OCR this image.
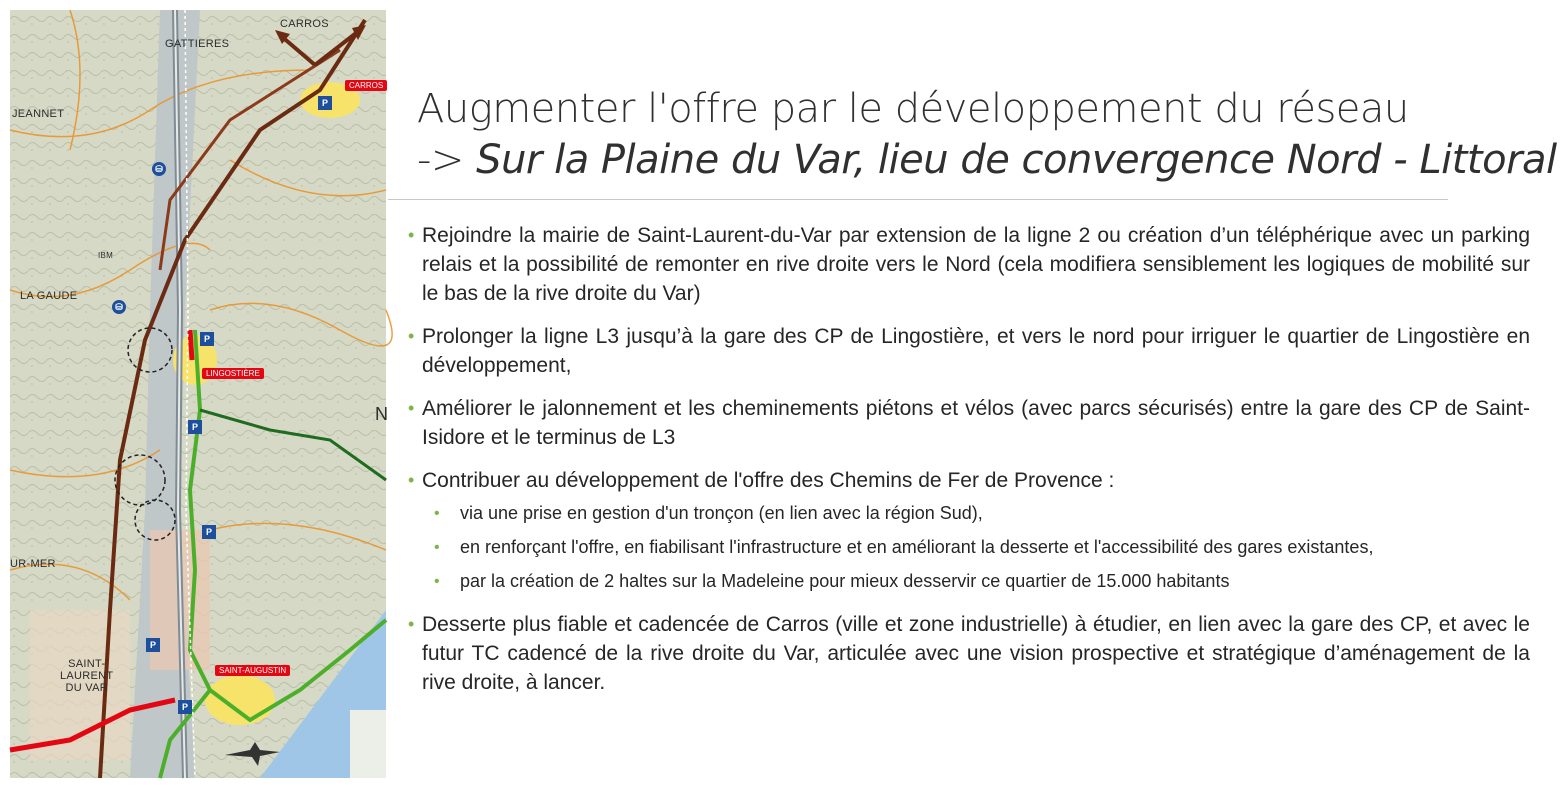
CARROS
GATTIERES
JEANNET
LA GAUDE
IBM
UR-MER
SAINT-
LAURENT
DU VAR
N
CARROS
LINGOSTIÈRE
SAINT-AUGUSTIN
P
P
P
P
P
P
⛁
⛁
Augmenter l'offre par le développement du réseau
-> Sur la Plaine du Var, lieu de convergence Nord - Littoral
• Rejoindre la mairie de Saint-Laurent-du-Var par extension de la ligne 2 ou création d’un téléphérique avec un parking relais et la possibilité de remonter en rive droite vers le Nord (cela modifiera sensiblement les logiques de mobilité sur le bas de la rive droite du Var)
• Prolonger la ligne L3 jusqu’à la gare des CP de Lingostière, et vers le nord pour irriguer le quartier de Lingostière en développement,
• Améliorer le jalonnement et les cheminements piétons et vélos (avec parcs sécurisés) entre la gare des CP de Saint-Isidore et le terminus de L3
• Contribuer au développement de l'offre des Chemins de Fer de Provence :
• via une prise en gestion d'un tronçon (en lien avec la région Sud),
• en renforçant l'offre, en fiabilisant l'infrastructure et en améliorant la desserte et l'accessibilité des gares existantes,
• par la création de 2 haltes sur la Madeleine pour mieux desservir ce quartier de 15.000 habitants
• Desserte plus fiable et cadencée de Carros (ville et zone industrielle) à étudier, en lien avec la gare des CP, et avec le futur TC cadencé de la rive droite du Var, articulée avec une vision prospective et stratégique d’aménagement de la rive droite, à lancer.
